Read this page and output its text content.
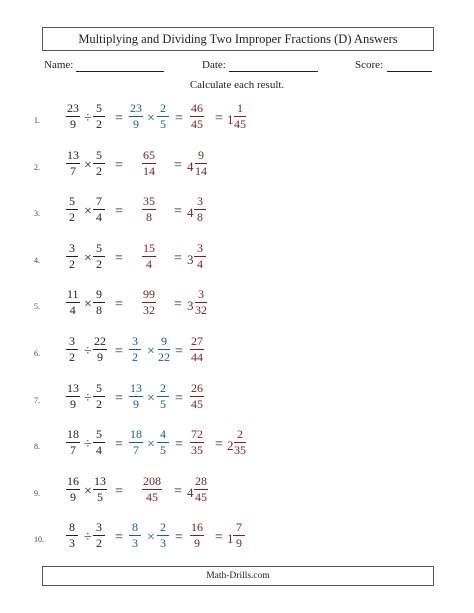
Multiplying and Dividing Two Improper Fractions (D) Answers
Name:	Date:	Score:
Calculate each result.
1.	$\frac{23}{9} \div \frac{5}{2} = \frac{23}{9} \times \frac{2}{5} = \frac{46}{45} = 1 \frac{1}{45}$
2.	$\frac{13}{7} \times \frac{5}{2} = \frac{65}{14} = 4 \frac{9}{14}$
3.	$\frac{5}{2} \times \frac{7}{4} = \frac{35}{8} = 4 \frac{3}{8}$
4.	$\frac{3}{2} \times \frac{5}{2} = \frac{15}{4} = 3 \frac{3}{4}$
5.	$\frac{11}{4} \times \frac{9}{8} = \frac{99}{32} = 3 \frac{3}{32}$
6.	$\frac{3}{2} \div \frac{22}{9} = \frac{3}{2} \times \frac{9}{22} = \frac{27}{44}$
7.	$\frac{13}{9} \div \frac{5}{2} = \frac{13}{9} \times \frac{2}{5} = \frac{26}{45}$
8.	$\frac{18}{7} \div \frac{5}{4} = \frac{18}{7} \times \frac{4}{5} = \frac{72}{35} = 2 \frac{2}{35}$
9.	$\frac{16}{9} \times \frac{13}{5} = \frac{208}{45} = 4 \frac{28}{45}$
10.	$\frac{8}{3} \div \frac{3}{2} = \frac{8}{3} \times \frac{2}{3} = \frac{16}{9} = 1 \frac{7}{9}$
Math-Drills.com
